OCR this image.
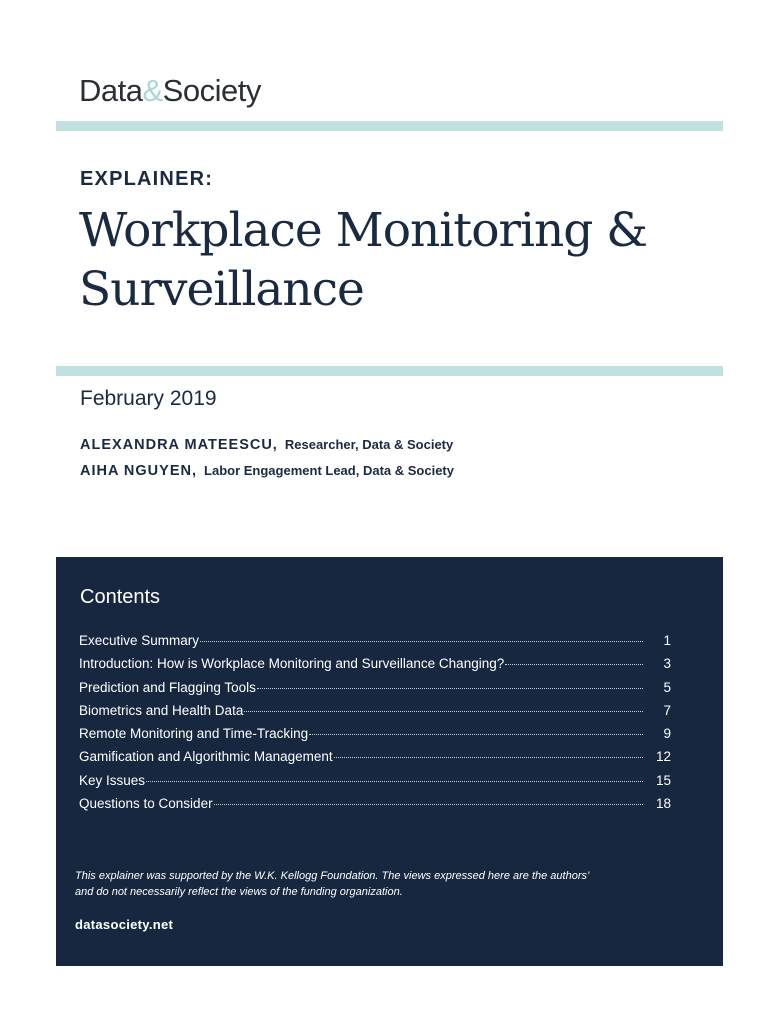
Data&Society
EXPLAINER:
Workplace Monitoring &
Surveillance
February 2019
ALEXANDRA MATEESCU, Researcher, Data & Society
AIHA NGUYEN, Labor Engagement Lead, Data & Society
Contents
Executive Summary	1
Introduction: How is Workplace Monitoring and Surveillance Changing?	3
Prediction and Flagging Tools	5
Biometrics and Health Data	7
Remote Monitoring and Time-Tracking	9
Gamification and Algorithmic Management	12
Key Issues	15
Questions to Consider	18
This explainer was supported by the W.K. Kellogg Foundation. The views expressed here are the authors’
and do not necessarily reflect the views of the funding organization.
datasociety.net
